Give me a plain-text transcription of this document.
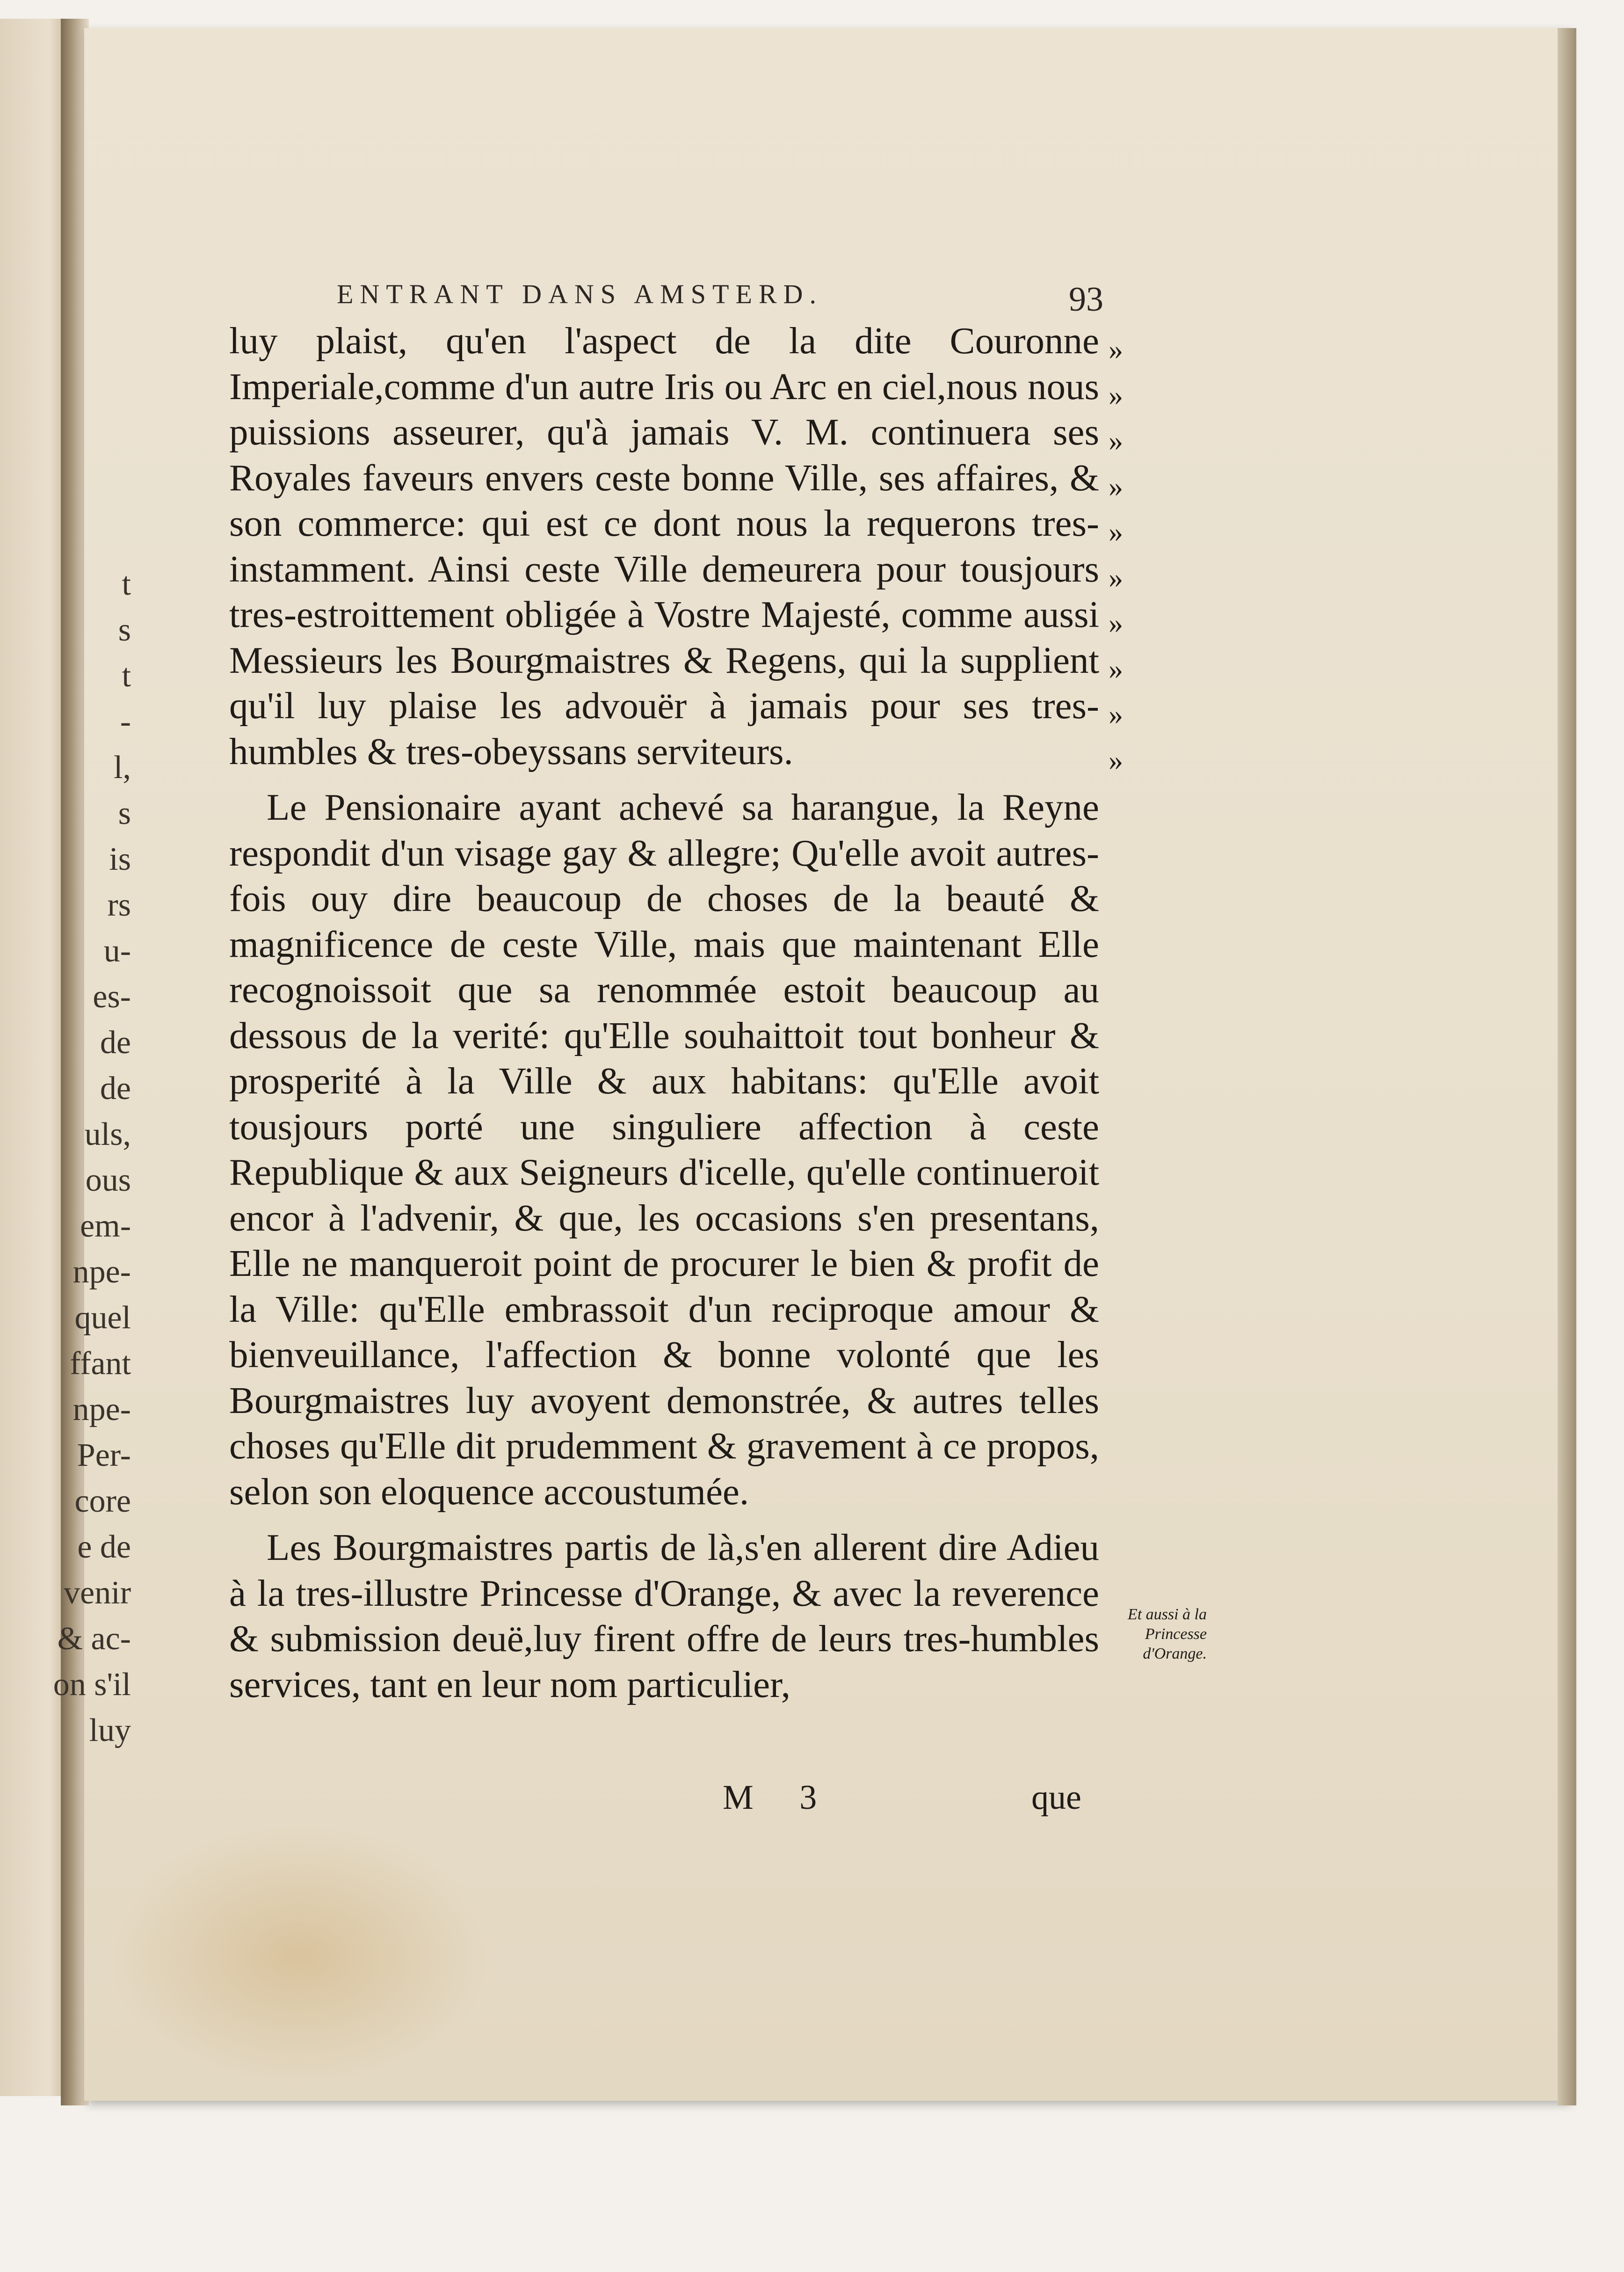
t
s
t
-
l,
s
is
rs
u-
es-
de
de
uls,
ous
em-
npe-
quel
ffant
npe-
Per-
core
e de
venir
& ac-
on s'il
luy
ENTRANT DANS AMSTERD.	93

luy plaist, qu'en l'aspect de la dite Couronne Imperiale,comme d'un autre Iris ou Arc en ciel,nous nous puissions asseurer, qu'à jamais V. M. continuera ses Royales faveurs envers ceste bonne Ville, ses affaires, & son commerce: qui est ce dont nous la requerons tres-instamment. Ainsi ceste Ville demeurera pour tousjours tres-estroittement obligée à Vostre Majesté, comme aussi Messieurs les Bourgmaistres & Regens, qui la supplient qu'il luy plaise les advouër à jamais pour ses tres-humbles & tres-obeyssans serviteurs.

Le Pensionaire ayant achevé sa harangue, la Reyne respondit d'un visage gay & allegre; Qu'elle avoit autres-fois ouy dire beaucoup de choses de la beauté & magnificence de ceste Ville, mais que maintenant Elle recognoissoit que sa renommée estoit beaucoup au dessous de la verité: qu'Elle souhaittoit tout bonheur & prosperité à la Ville & aux habitans: qu'Elle avoit tousjours porté une singuliere affection à ceste Republique & aux Seigneurs d'icelle, qu'elle continueroit encor à l'advenir, & que, les occasions s'en presentans, Elle ne manqueroit point de procurer le bien & profit de la Ville: qu'Elle embrassoit d'un reciproque amour & bienveuillance, l'affection & bonne volonté que les Bourgmaistres luy avoyent demonstrée, & autres telles choses qu'Elle dit prudemment & gravement à ce propos, selon son eloquence accoustumée.

Les Bourgmaistres partis de là,s'en allerent dire Adieu à la tres-illustre Princesse d'Orange, & avec la reverence & submission deuë,luy firent offre de leurs tres-humbles services, tant en leur nom particulier,

»
»
»
»
»
»
»
»
»
»
Et aussi à la Princesse d'Orange.
M 3	que
